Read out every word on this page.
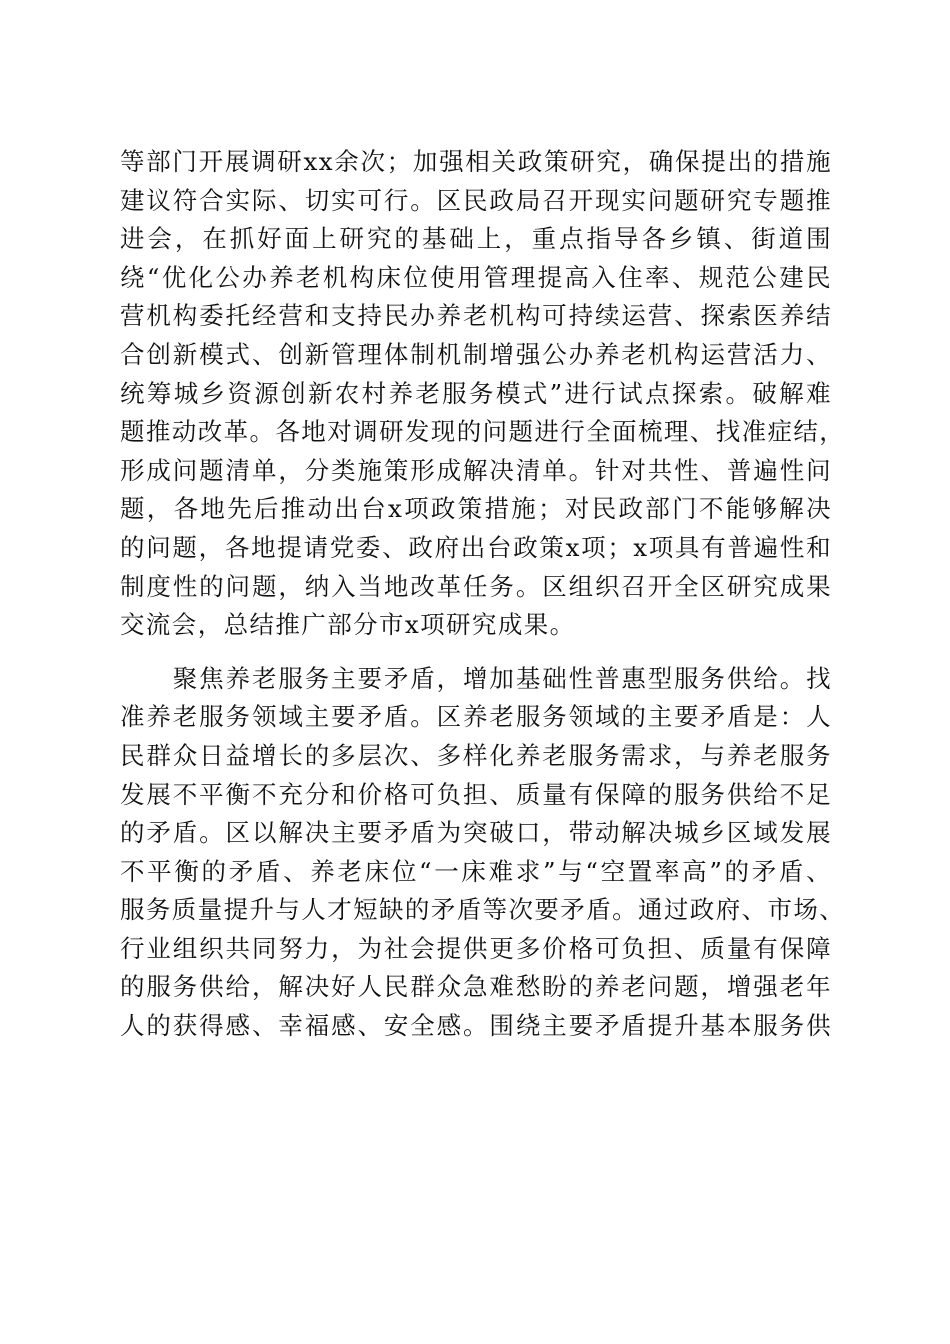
等部门开展调研xx余次；加强相关政策研究，确保提出的措施
建议符合实际、切实可行。区民政局召开现实问题研究专题推
进会，在抓好面上研究的基础上，重点指导各乡镇、街道围
绕“优化公办养老机构床位使用管理提高入住率、规范公建民
营机构委托经营和支持民办养老机构可持续运营、探索医养结
合创新模式、创新管理体制机制增强公办养老机构运营活力、
统筹城乡资源创新农村养老服务模式”进行试点探索。破解难
题推动改革。各地对调研发现的问题进行全面梳理、找准症结，
形成问题清单，分类施策形成解决清单。针对共性、普遍性问
题，各地先后推动出台x项政策措施；对民政部门不能够解决
的问题，各地提请党委、政府出台政策x项；x项具有普遍性和
制度性的问题，纳入当地改革任务。区组织召开全区研究成果
交流会，总结推广部分市x项研究成果。
　　聚焦养老服务主要矛盾，增加基础性普惠型服务供给。找
准养老服务领域主要矛盾。区养老服务领域的主要矛盾是：人
民群众日益增长的多层次、多样化养老服务需求，与养老服务
发展不平衡不充分和价格可负担、质量有保障的服务供给不足
的矛盾。区以解决主要矛盾为突破口，带动解决城乡区域发展
不平衡的矛盾、养老床位“一床难求”与“空置率高”的矛盾、
服务质量提升与人才短缺的矛盾等次要矛盾。通过政府、市场、
行业组织共同努力，为社会提供更多价格可负担、质量有保障
的服务供给，解决好人民群众急难愁盼的养老问题，增强老年
人的获得感、幸福感、安全感。围绕主要矛盾提升基本服务供
